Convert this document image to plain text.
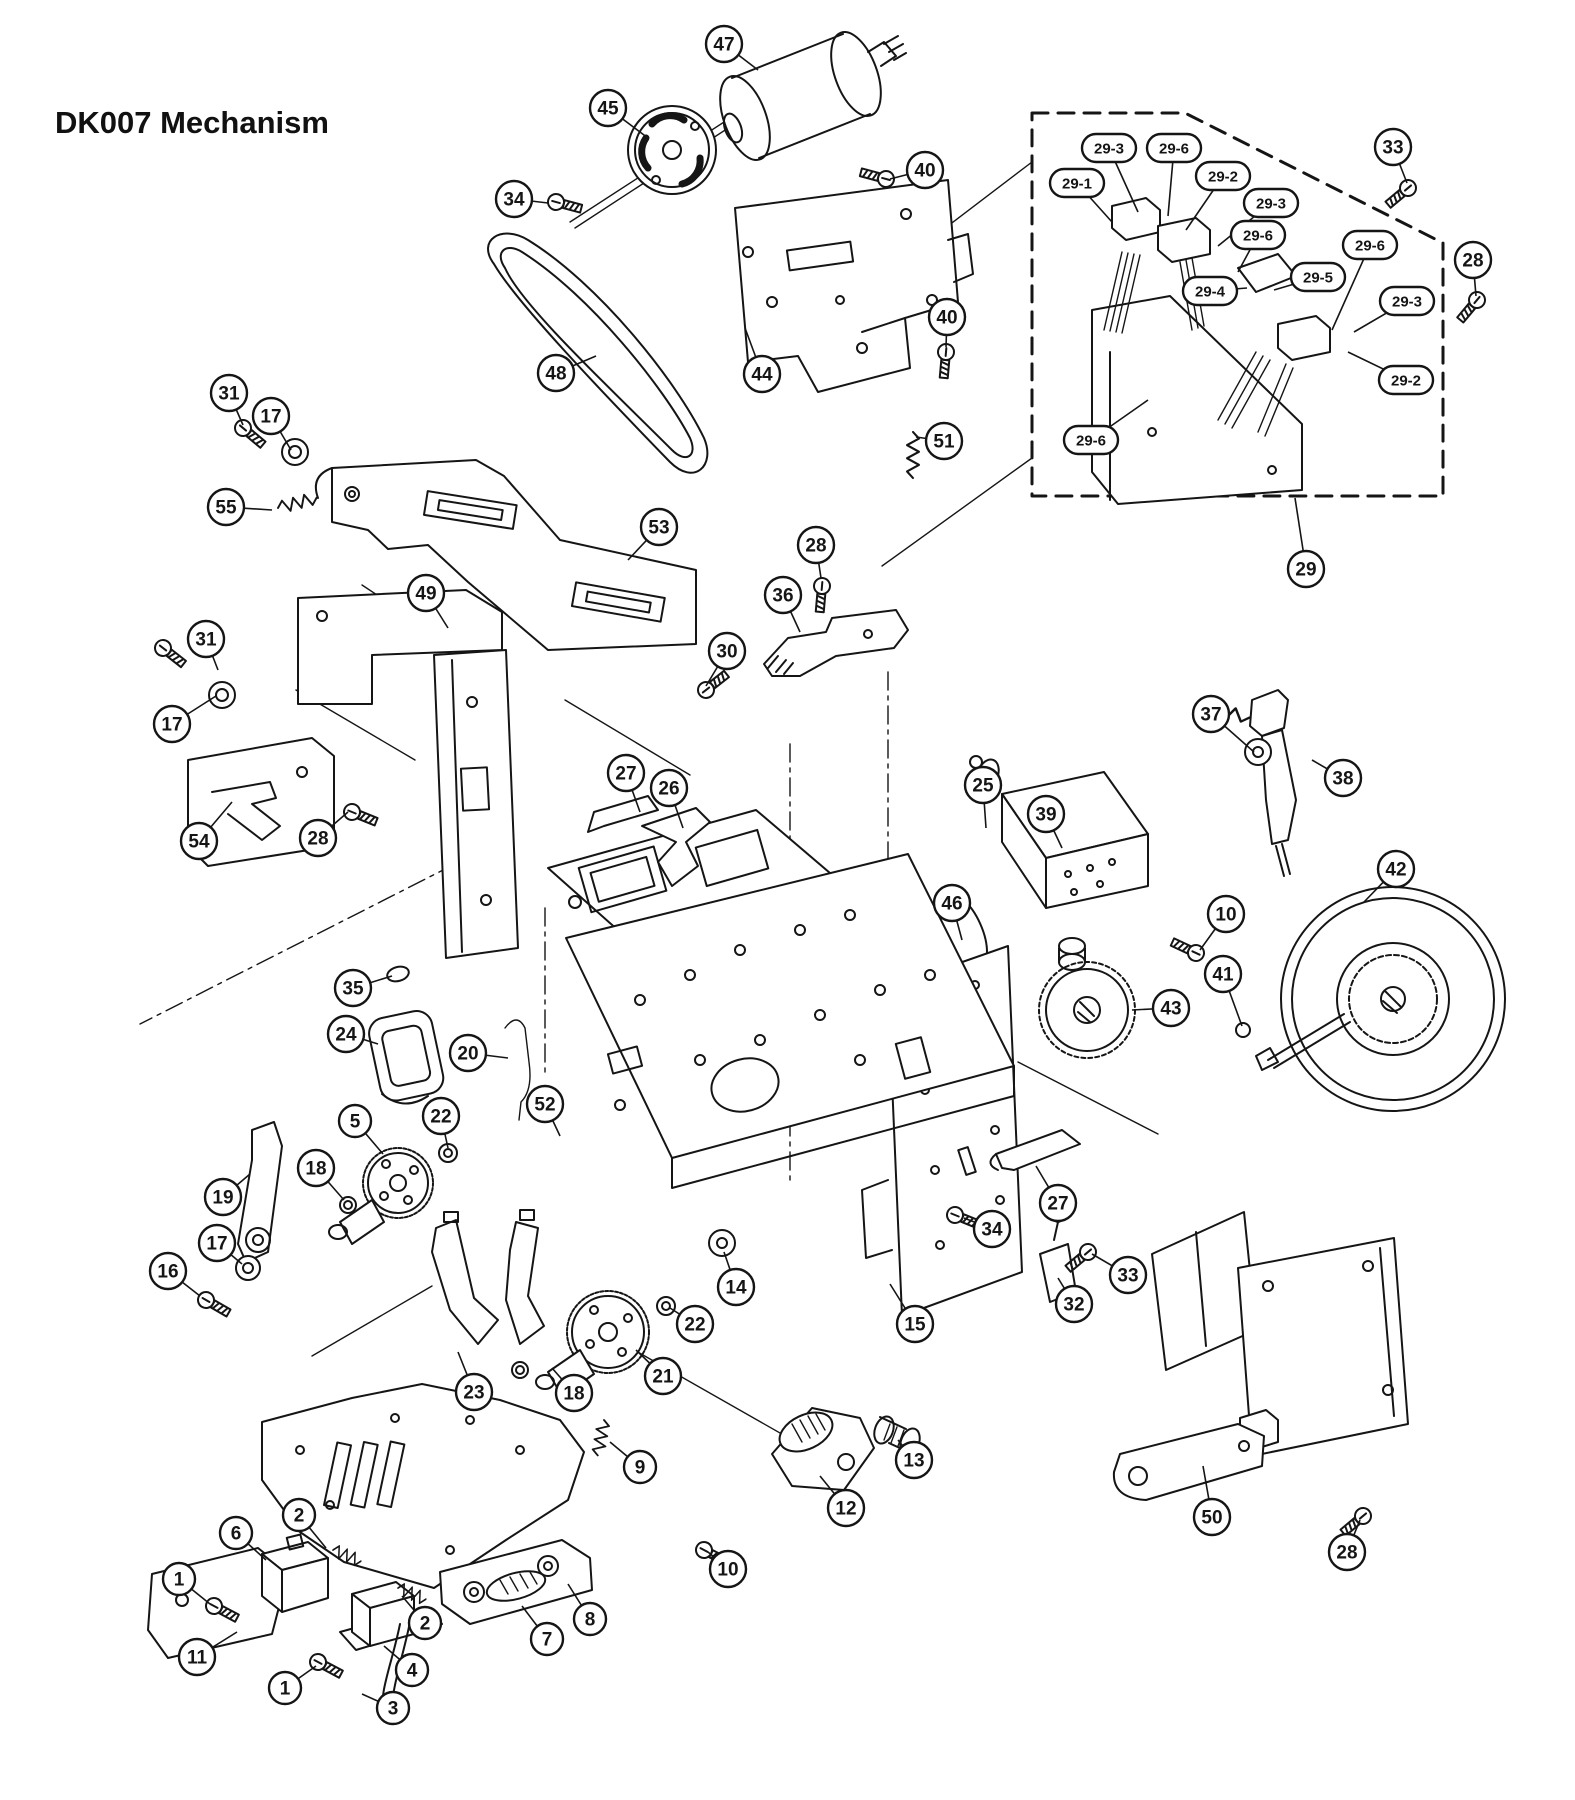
DK007 Mechanism
47
45
34
40
44
48
40
51
31
17
55
53
49
31
17
54	28
27
26
28
36
30
29-3 29-6
29-1	29-2
29-3
29-6
29-5
29-4
29-6
29-6
29-3
29-2
33
28
29
37
38
25
39
46
10
41
42
43
35
24
20
52
5	22
18
19
17
16
14
15
22
21
18
23
9	13
12
10
27
34
33
32
50
28
2
6
1
11
1
2
4
3
7
8
